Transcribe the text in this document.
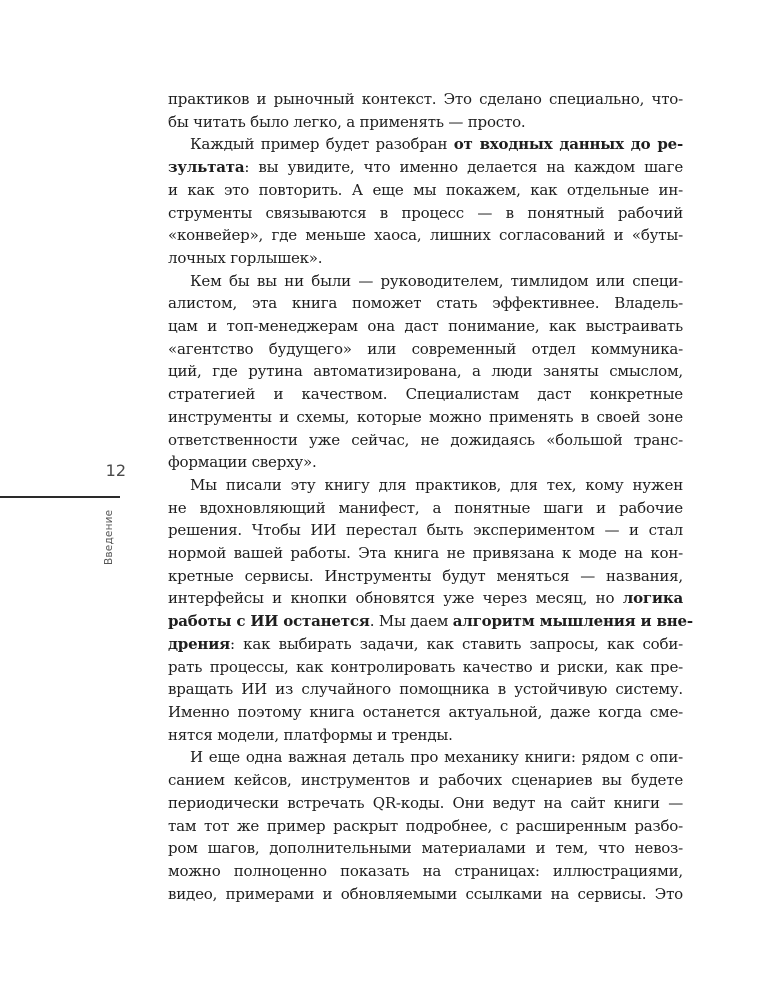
12
Введение

практиков и рыночный контекст. Это сделано специально, что-
бы читать было легко, а применять — просто.

Каждый пример будет разобран от входных данных до ре-
зультата: вы увидите, что именно делается на каждом шаге
и как это повторить. А еще мы покажем, как отдельные ин-
струменты связываются в процесс — в понятный рабочий
«конвейер», где меньше хаоса, лишних согласований и «буты-
лочных горлышек».

Кем бы вы ни были — руководителем, тимлидом или специ-
алистом, эта книга поможет стать эффективнее. Владель-
цам и топ-менеджерам она даст понимание, как выстраивать
«агентство будущего» или современный отдел коммуника-
ций, где рутина автоматизирована, а люди заняты смыслом,
стратегией и качеством. Специалистам даст конкретные
инструменты и схемы, которые можно применять в своей зоне
ответственности уже сейчас, не дожидаясь «большой транс-
формации сверху».

Мы писали эту книгу для практиков, для тех, кому нужен
не вдохновляющий манифест, а понятные шаги и рабочие
решения. Чтобы ИИ перестал быть экспериментом — и стал
нормой вашей работы. Эта книга не привязана к моде на кон-
кретные сервисы. Инструменты будут меняться — названия,
интерфейсы и кнопки обновятся уже через месяц, но логика
работы с ИИ останется. Мы даем алгоритм мышления и вне-
дрения: как выбирать задачи, как ставить запросы, как соби-
рать процессы, как контролировать качество и риски, как пре-
вращать ИИ из случайного помощника в устойчивую систему.
Именно поэтому книга останется актуальной, даже когда сме-
нятся модели, платформы и тренды.

И еще одна важная деталь про механику книги: рядом с опи-
санием кейсов, инструментов и рабочих сценариев вы будете
периодически встречать QR-коды. Они ведут на сайт книги —
там тот же пример раскрыт подробнее, с расширенным разбо-
ром шагов, дополнительными материалами и тем, что невоз-
можно полноценно показать на страницах: иллюстрациями,
видео, примерами и обновляемыми ссылками на сервисы. Это
